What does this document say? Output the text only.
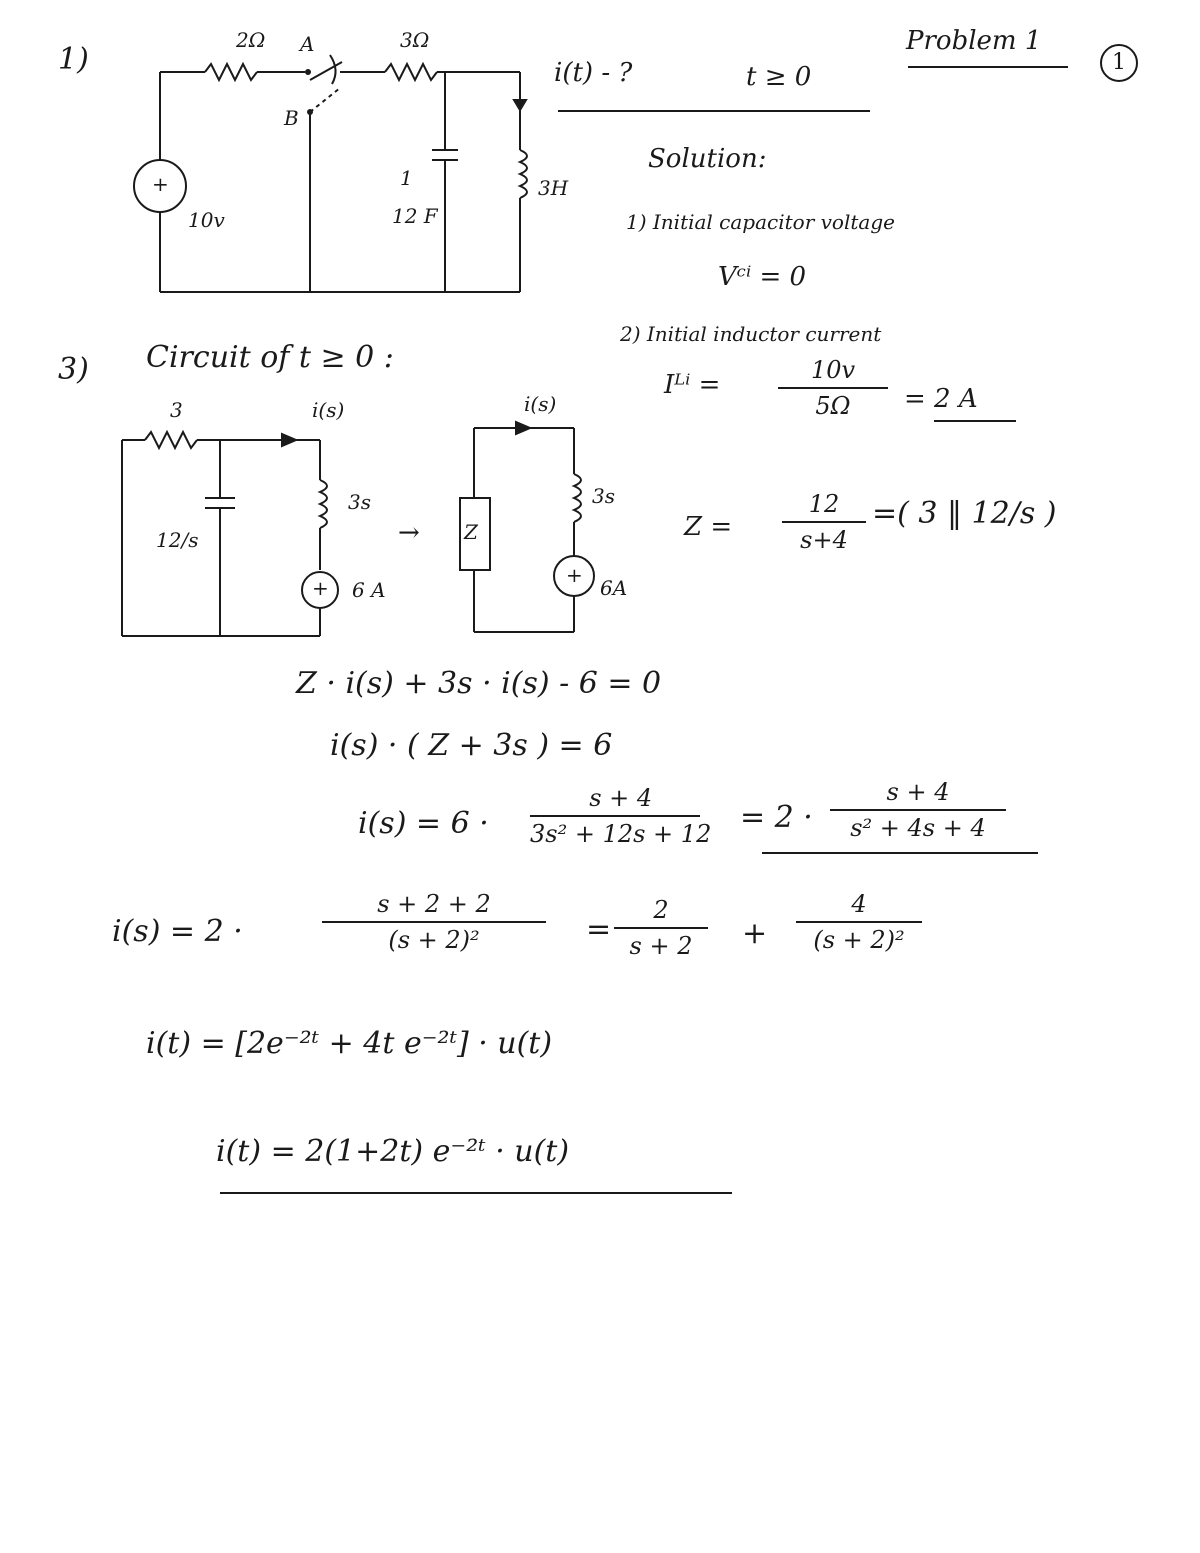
1)
2Ω A
B
3Ω
+
10v
1
12 F
3H
i(t) - ?	t ≥ 0
Problem 1
1
Solution:
1) Initial capacitor voltage
Vᶜⁱ = 0
2) Initial inductor current
Iᴸⁱ =	10v
5Ω	= 2 A
3) Circuit of t ≥ 0 :
3	i(s)
12/s
3s
+ 6 A
→ Z
i(s)
3s
+
6A
Z =
12
s+4
=( 3 ‖ 12/s )
Z · i(s) + 3s · i(s) - 6 = 0
i(s) · ( Z + 3s ) = 6
i(s) = 6 ·
s + 4
3s² + 12s + 12 = 2 ·
s + 4
s² + 4s + 4
i(s) = 2 ·
s + 2 + 2
(s + 2)²	=
2
s + 2	+
4
(s + 2)²
i(t) = [2e⁻²ᵗ + 4t e⁻²ᵗ] · u(t)
i(t) = 2(1+2t) e⁻²ᵗ · u(t)
